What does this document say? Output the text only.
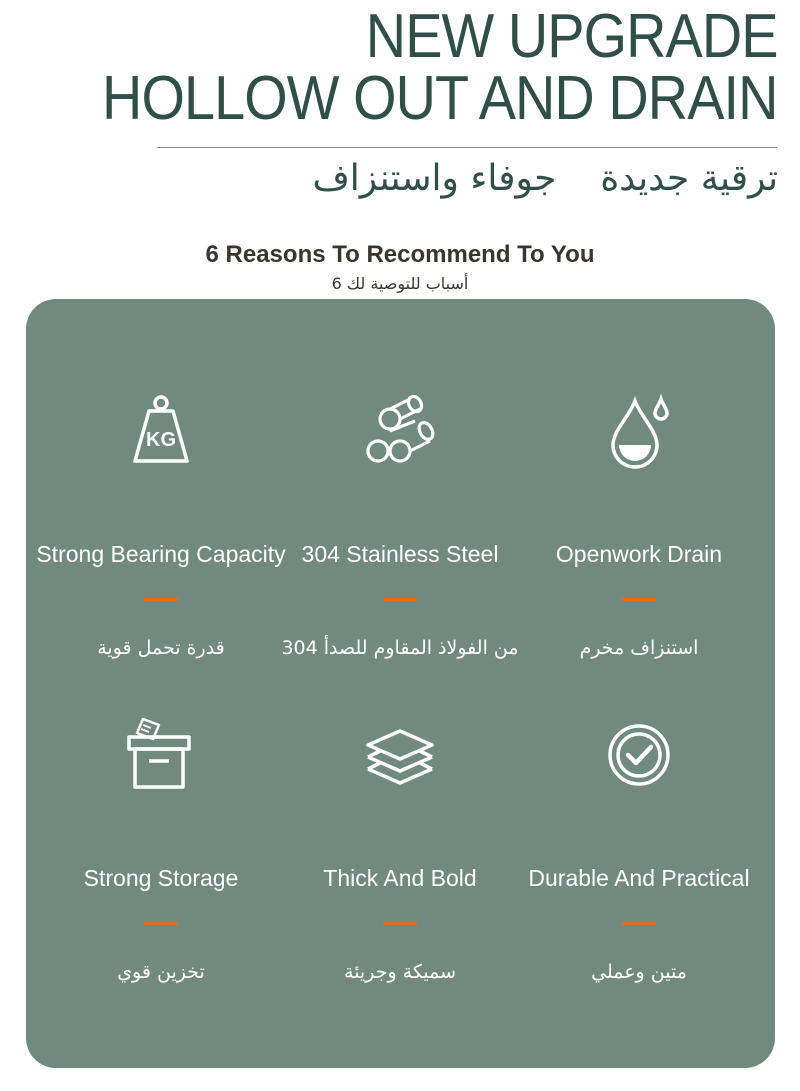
NEW UPGRADE
HOLLOW OUT AND DRAIN
ترقية جديدةجوفاء واستنزاف
6 Reasons To Recommend To You
أسباب للتوصية لك 6
KG
Strong Bearing Capacity
قدرة تحمل قوية
304 Stainless Steel
من الفولاذ المقاوم للصدأ 304
Openwork Drain
استنزاف مخرم
Strong Storage
تخزين قوي
Thick And Bold
سميكة وجريئة
Durable And Practical
متين وعملي
